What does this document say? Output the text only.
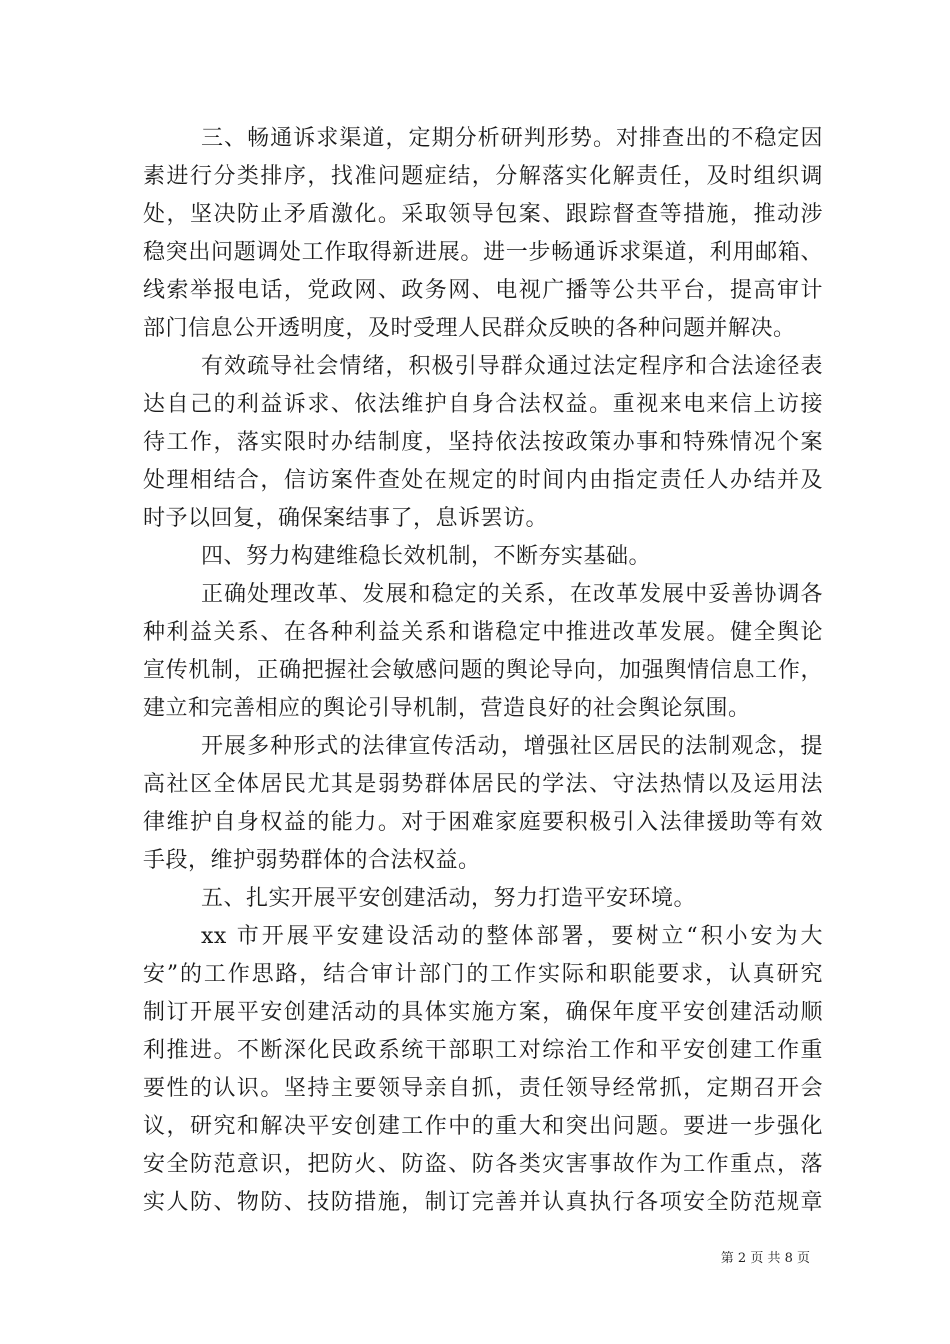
三、畅通诉求渠道，定期分析研判形势。对排查出的不稳定因
素进行分类排序，找准问题症结，分解落实化解责任，及时组织调
处，坚决防止矛盾激化。采取领导包案、跟踪督查等措施，推动涉
稳突出问题调处工作取得新进展。进一步畅通诉求渠道，利用邮箱、
线索举报电话，党政网、政务网、电视广播等公共平台，提高审计
部门信息公开透明度，及时受理人民群众反映的各种问题并解决。
有效疏导社会情绪，积极引导群众通过法定程序和合法途径表
达自己的利益诉求、依法维护自身合法权益。重视来电来信上访接
待工作，落实限时办结制度，坚持依法按政策办事和特殊情况个案
处理相结合，信访案件查处在规定的时间内由指定责任人办结并及
时予以回复，确保案结事了，息诉罢访。
四、努力构建维稳长效机制，不断夯实基础。
正确处理改革、发展和稳定的关系，在改革发展中妥善协调各
种利益关系、在各种利益关系和谐稳定中推进改革发展。健全舆论
宣传机制，正确把握社会敏感问题的舆论导向，加强舆情信息工作，
建立和完善相应的舆论引导机制，营造良好的社会舆论氛围。
开展多种形式的法律宣传活动，增强社区居民的法制观念，提
高社区全体居民尤其是弱势群体居民的学法、守法热情以及运用法
律维护自身权益的能力。对于困难家庭要积极引入法律援助等有效
手段，维护弱势群体的合法权益。
五、扎实开展平安创建活动，努力打造平安环境。
xx 市开展平安建设活动的整体部署，要树立“积小安为大
安”的工作思路，结合审计部门的工作实际和职能要求，认真研究
制订开展平安创建活动的具体实施方案，确保年度平安创建活动顺
利推进。不断深化民政系统干部职工对综治工作和平安创建工作重
要性的认识。坚持主要领导亲自抓，责任领导经常抓，定期召开会
议，研究和解决平安创建工作中的重大和突出问题。要进一步强化
安全防范意识，把防火、防盗、防各类灾害事故作为工作重点，落
实人防、物防、技防措施，制订完善并认真执行各项安全防范规章
第 2 页 共 8 页
